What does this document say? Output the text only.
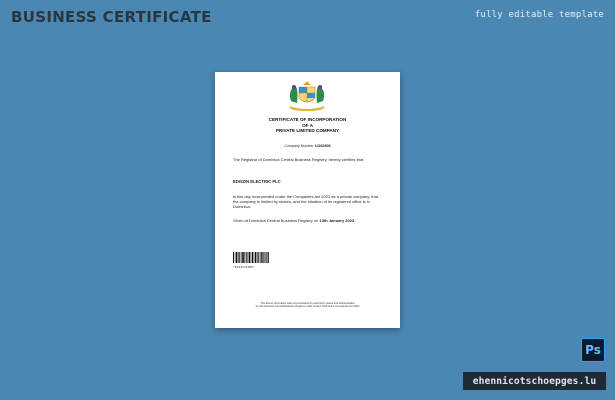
BUSINESS CERTIFICATE	fully editable template
CERTIFICATE OF INCORPORATION
OF A
PRIVATE LIMITED COMPANY
Company Number 14332806
The Registrar of Dominica Central Business Registry, hereby certifies that
EDISON ELECTRIC PLC
is this day incorporated under the Companies Act 2023 as a private company, that the company is limited by shares, and the situation of its registered office is in Dominica.
Given at Dominica Central Business Registry on 13th January 2023
*R1432724HE*
The above information was communicated by electronic means and authenticated
by the Dominica Central Business Registry under section 1115 of the Companies Act 2023
Ps
ehennicotschoepges.lu
